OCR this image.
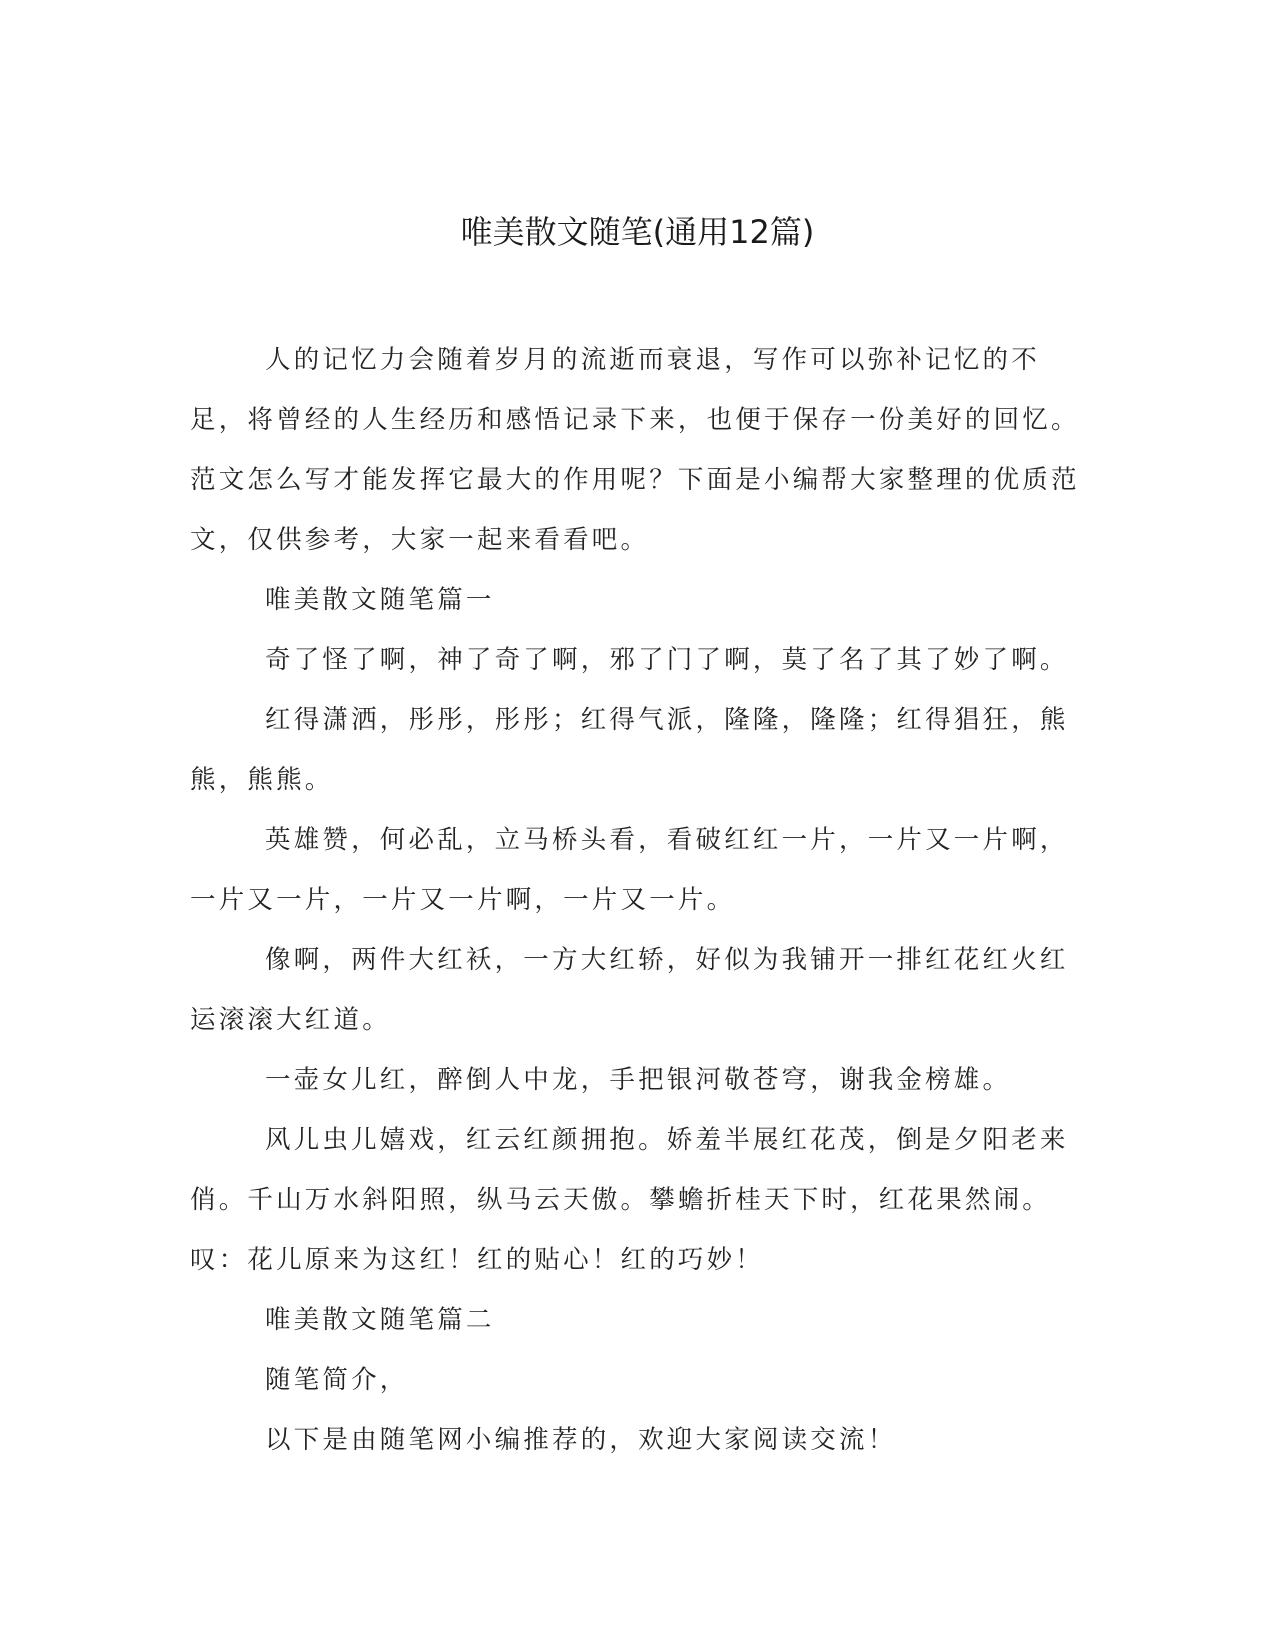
唯美散文随笔(通用12篇)

人的记忆力会随着岁月的流逝而衰退，写作可以弥补记忆的不足，将曾经的人生经历和感悟记录下来，也便于保存一份美好的回忆。范文怎么写才能发挥它最大的作用呢？下面是小编帮大家整理的优质范文，仅供参考，大家一起来看看吧。

唯美散文随笔篇一

奇了怪了啊，神了奇了啊，邪了门了啊，莫了名了其了妙了啊。

红得潇洒，彤彤，彤彤；红得气派，隆隆，隆隆；红得猖狂，熊熊，熊熊。

英雄赞，何必乱，立马桥头看，看破红红一片，一片又一片啊，一片又一片，一片又一片啊，一片又一片。

像啊，两件大红袄，一方大红轿，好似为我铺开一排红花红火红运滚滚大红道。

一壶女儿红，醉倒人中龙，手把银河敬苍穹，谢我金榜雄。

风儿虫儿嬉戏，红云红颜拥抱。娇羞半展红花茂，倒是夕阳老来俏。千山万水斜阳照，纵马云天傲。攀蟾折桂天下时，红花果然闹。叹：花儿原来为这红！红的贴心！红的巧妙！

唯美散文随笔篇二

随笔简介，

以下是由随笔网小编推荐的，欢迎大家阅读交流！
